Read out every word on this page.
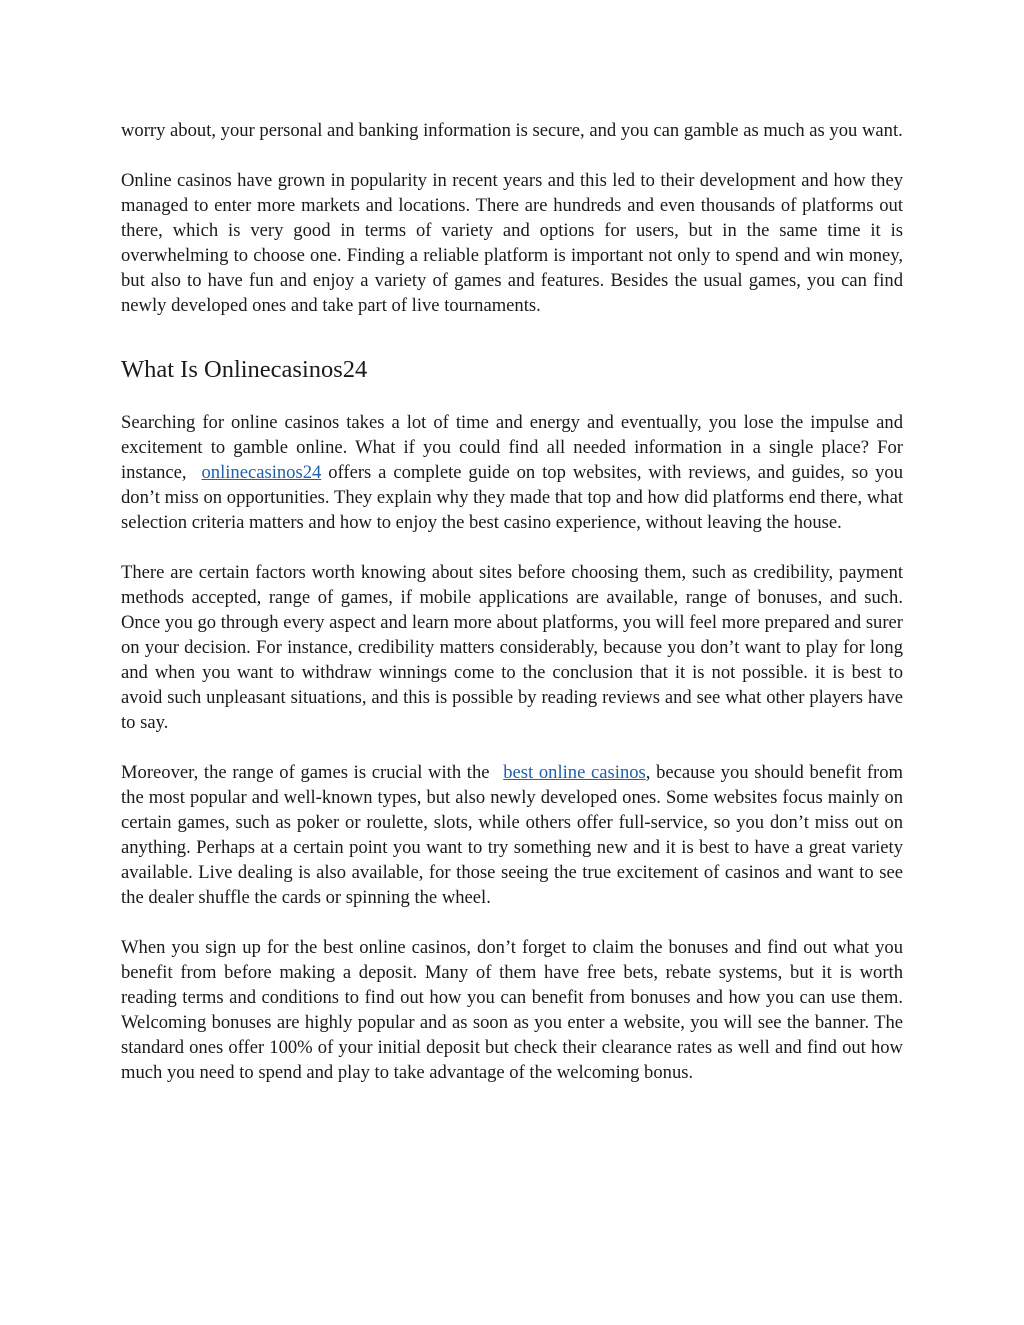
worry about, your personal and banking information is secure, and you can gamble as much as you want.

Online casinos have grown in popularity in recent years and this led to their development and how they managed to enter more markets and locations. There are hundreds and even thousands of platforms out there, which is very good in terms of variety and options for users, but in the same time it is overwhelming to choose one. Finding a reliable platform is important not only to spend and win money, but also to have fun and enjoy a variety of games and features. Besides the usual games, you can find newly developed ones and take part of live tournaments.

What Is Onlinecasinos24

Searching for online casinos takes a lot of time and energy and eventually, you lose the impulse and excitement to gamble online. What if you could find all needed information in a single place? For instance, onlinecasinos24 offers a complete guide on top websites, with reviews, and guides, so you don’t miss on opportunities. They explain why they made that top and how did platforms end there, what selection criteria matters and how to enjoy the best casino experience, without leaving the house.

There are certain factors worth knowing about sites before choosing them, such as credibility, payment methods accepted, range of games, if mobile applications are available, range of bonuses, and such. Once you go through every aspect and learn more about platforms, you will feel more prepared and surer on your decision. For instance, credibility matters considerably, because you don’t want to play for long and when you want to withdraw winnings come to the conclusion that it is not possible. it is best to avoid such unpleasant situations, and this is possible by reading reviews and see what other players have to say.

Moreover, the range of games is crucial with the best online casinos, because you should benefit from the most popular and well-known types, but also newly developed ones. Some websites focus mainly on certain games, such as poker or roulette, slots, while others offer full-service, so you don’t miss out on anything. Perhaps at a certain point you want to try something new and it is best to have a great variety available. Live dealing is also available, for those seeing the true excitement of casinos and want to see the dealer shuffle the cards or spinning the wheel.

When you sign up for the best online casinos, don’t forget to claim the bonuses and find out what you benefit from before making a deposit. Many of them have free bets, rebate systems, but it is worth reading terms and conditions to find out how you can benefit from bonuses and how you can use them. Welcoming bonuses are highly popular and as soon as you enter a website, you will see the banner. The standard ones offer 100% of your initial deposit but check their clearance rates as well and find out how much you need to spend and play to take advantage of the welcoming bonus.
